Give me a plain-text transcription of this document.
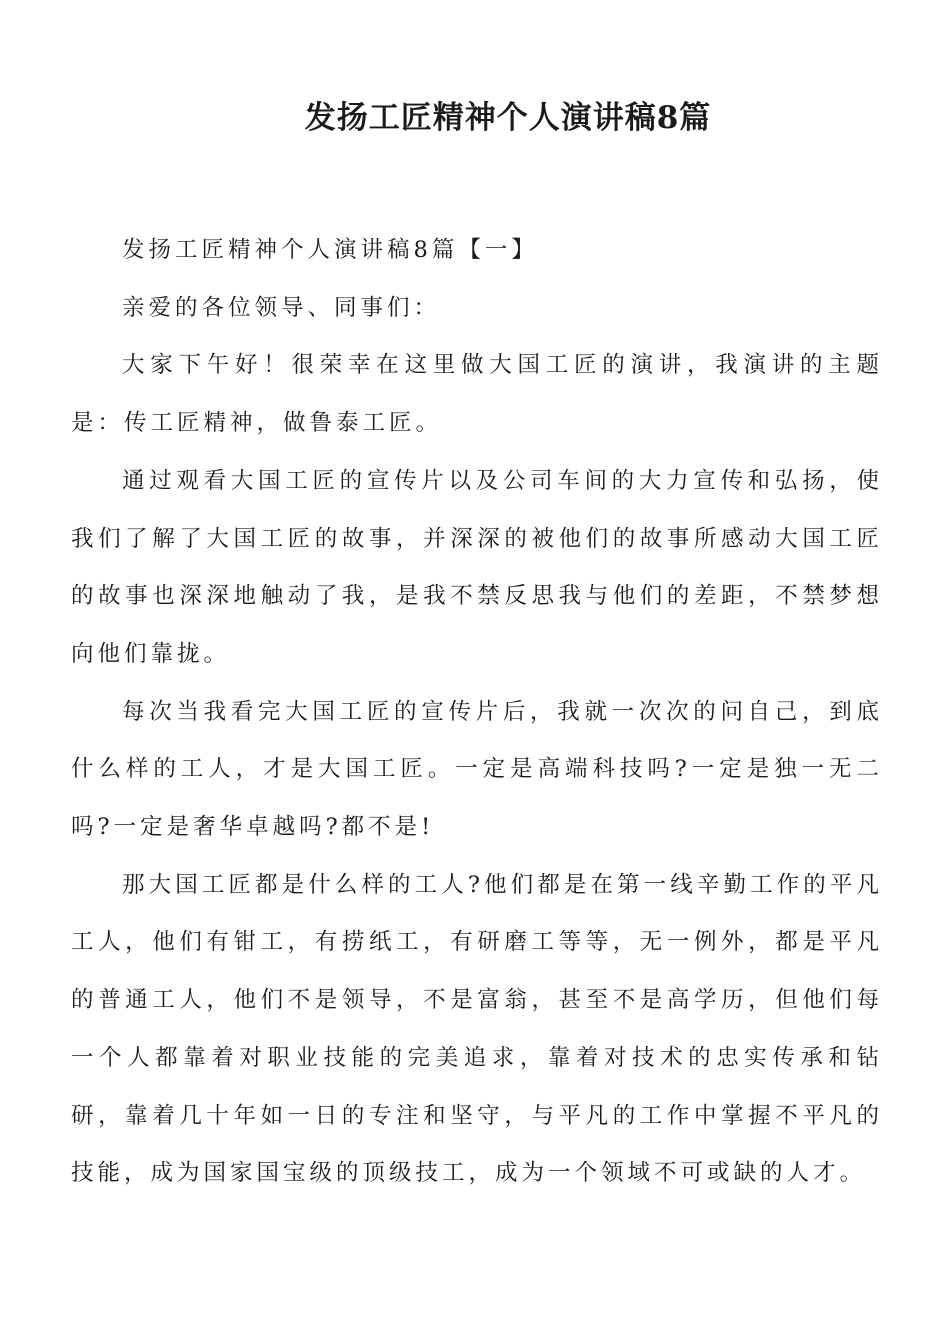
发扬工匠精神个人演讲稿8篇

发扬工匠精神个人演讲稿8篇【一】

亲爱的各位领导、同事们：

大家下午好！很荣幸在这里做大国工匠的演讲，我演讲的主题是：传工匠精神，做鲁泰工匠。

通过观看大国工匠的宣传片以及公司车间的大力宣传和弘扬，使我们了解了大国工匠的故事，并深深的被他们的故事所感动大国工匠的故事也深深地触动了我，是我不禁反思我与他们的差距，不禁梦想向他们靠拢。

每次当我看完大国工匠的宣传片后，我就一次次的问自己，到底什么样的工人，才是大国工匠。一定是高端科技吗?一定是独一无二吗?一定是奢华卓越吗?都不是!

那大国工匠都是什么样的工人?他们都是在第一线辛勤工作的平凡工人，他们有钳工，有捞纸工，有研磨工等等，无一例外，都是平凡的普通工人，他们不是领导，不是富翁，甚至不是高学历，但他们每一个人都靠着对职业技能的完美追求，靠着对技术的忠实传承和钻研，靠着几十年如一日的专注和坚守，与平凡的工作中掌握不平凡的技能，成为国家国宝级的顶级技工，成为一个领域不可或缺的人才。
